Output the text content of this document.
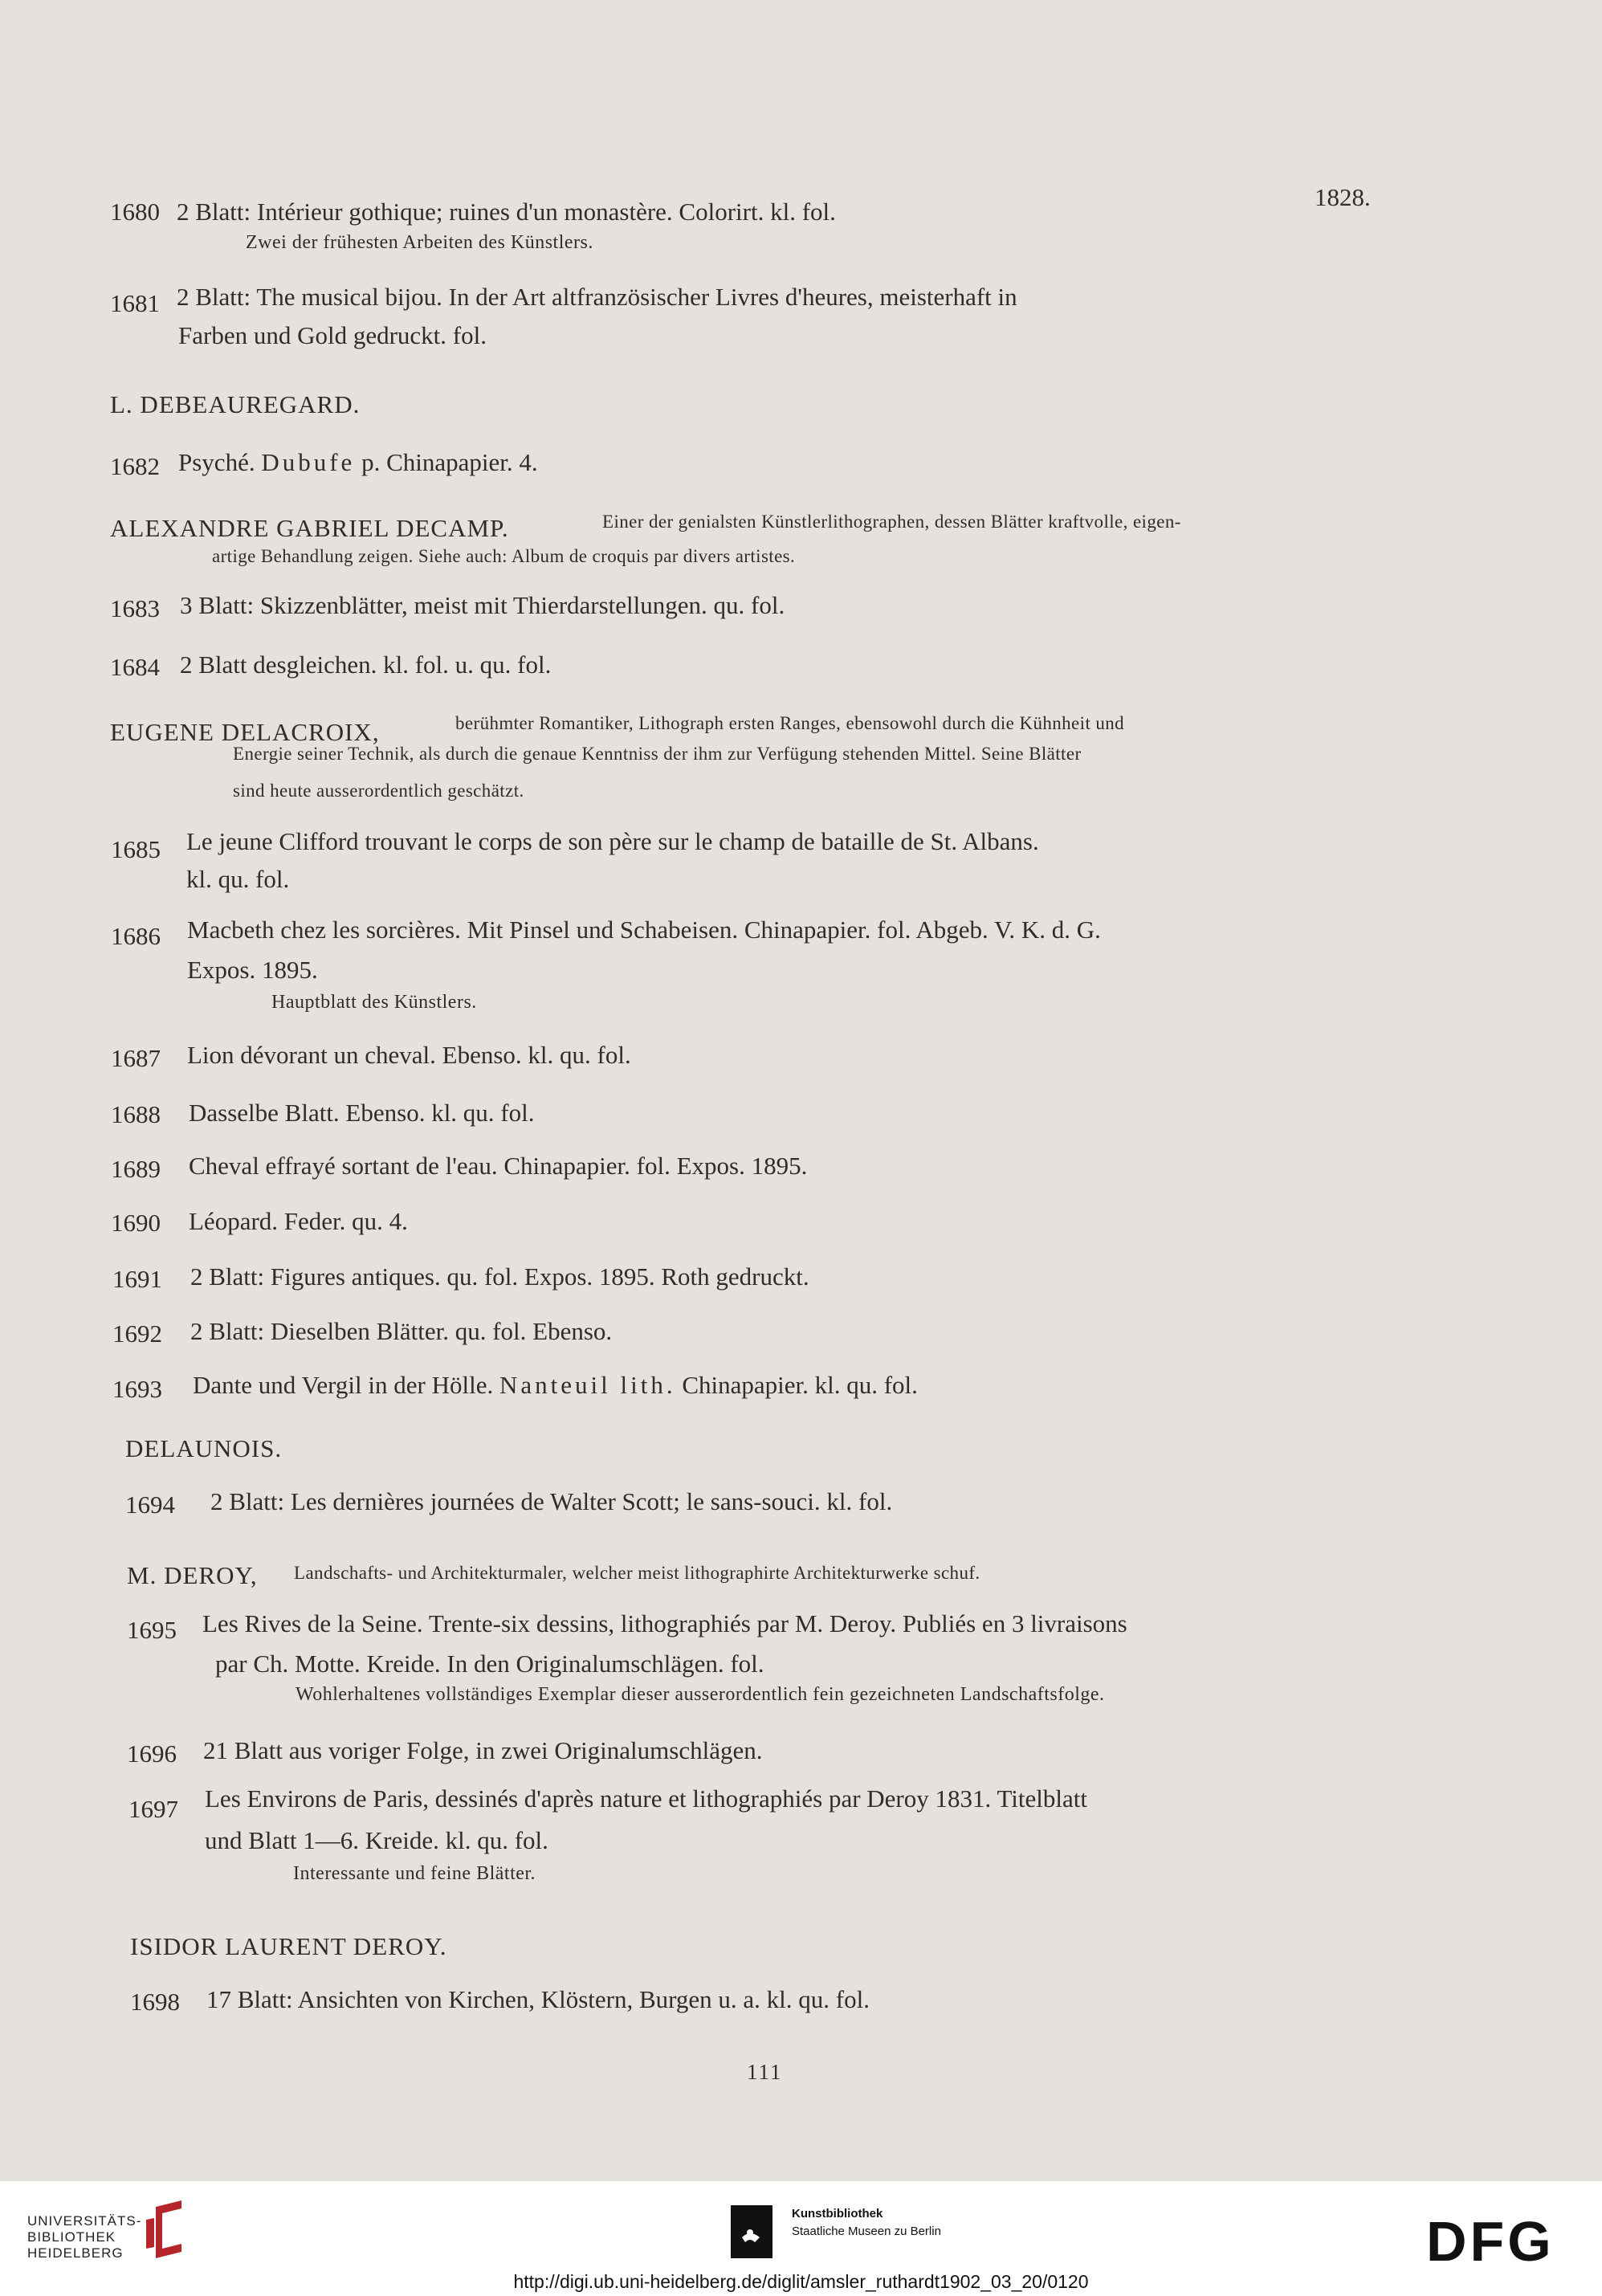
1680 2 Blatt: Intérieur gothique; ruines d'un monastère. Colorirt. kl. fol.
1828.
Zwei der frühesten Arbeiten des Künstlers.
1681 2 Blatt: The musical bijou. In der Art altfranzösischer Livres d'heures, meisterhaft in
Farben und Gold gedruckt. fol.
L. DEBEAUREGARD.
1682 Psyché. Dubufe p. Chinapapier. 4.
ALEXANDRE GABRIEL DECAMP.	Einer der genialsten Künstlerlithographen, dessen Blätter kraftvolle, eigen-
artige Behandlung zeigen. Siehe auch: Album de croquis par divers artistes.
1683 3 Blatt: Skizzenblätter, meist mit Thierdarstellungen. qu. fol.
1684 2 Blatt desgleichen. kl. fol. u. qu. fol.
EUGENE DELACROIX,	berühmter Romantiker, Lithograph ersten Ranges, ebensowohl durch die Kühnheit und
Energie seiner Technik, als durch die genaue Kenntniss der ihm zur Verfügung stehenden Mittel. Seine Blätter
sind heute ausserordentlich geschätzt.
1685 Le jeune Clifford trouvant le corps de son père sur le champ de bataille de St. Albans.
kl. qu. fol.
1686 Macbeth chez les sorcières. Mit Pinsel und Schabeisen. Chinapapier. fol. Abgeb. V. K. d. G.
Expos. 1895.
Hauptblatt des Künstlers.
1687 Lion dévorant un cheval. Ebenso. kl. qu. fol.
1688 Dasselbe Blatt. Ebenso. kl. qu. fol.
1689 Cheval effrayé sortant de l'eau. Chinapapier. fol. Expos. 1895.
1690 Léopard. Feder. qu. 4.
1691 2 Blatt: Figures antiques. qu. fol. Expos. 1895. Roth gedruckt.
1692 2 Blatt: Dieselben Blätter. qu. fol. Ebenso.
1693 Dante und Vergil in der Hölle. Nanteuil lith. Chinapapier. kl. qu. fol.
DELAUNOIS.
1694 2 Blatt: Les dernières journées de Walter Scott; le sans-souci. kl. fol.
M. DEROY, Landschafts- und Architekturmaler, welcher meist lithographirte Architekturwerke schuf.
1695 Les Rives de la Seine. Trente-six dessins, lithographiés par M. Deroy. Publiés en 3 livraisons
par Ch. Motte. Kreide. In den Originalumschlägen. fol.
Wohlerhaltenes vollständiges Exemplar dieser ausserordentlich fein gezeichneten Landschaftsfolge.
1696 21 Blatt aus voriger Folge, in zwei Originalumschlägen.
1697 Les Environs de Paris, dessinés d'après nature et lithographiés par Deroy 1831. Titelblatt
und Blatt 1—6. Kreide. kl. qu. fol.
Interessante und feine Blätter.
ISIDOR LAURENT DEROY.
1698 17 Blatt: Ansichten von Kirchen, Klöstern, Burgen u. a. kl. qu. fol.
111
UNIVERSITÄTS-
BIBLIOTHEK
HEIDELBERG
Kunstbibliothek
Staatliche Museen zu Berlin	DFG
http://digi.ub.uni-heidelberg.de/diglit/amsler_ruthardt1902_03_20/0120
